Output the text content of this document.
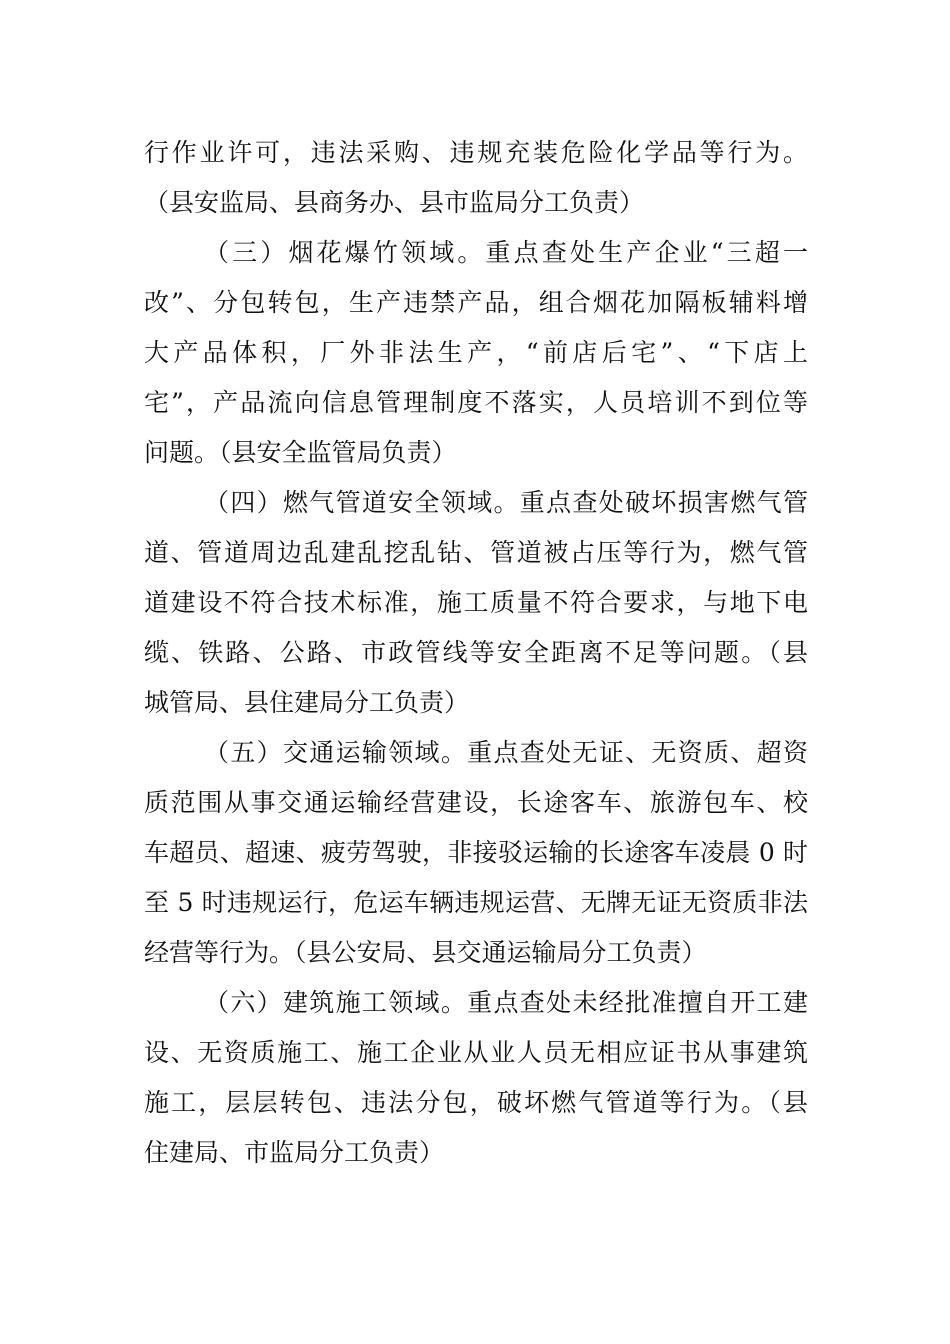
行作业许可，违法采购、违规充装危险化学品等行为。
（县安监局、县商务办、县市监局分工负责）
（三）烟花爆竹领域。重点查处生产企业“三超一
改”、分包转包，生产违禁产品，组合烟花加隔板辅料增
大产品体积，厂外非法生产，“前店后宅”、“下店上
宅”，产品流向信息管理制度不落实，人员培训不到位等
问题。（县安全监管局负责）
（四）燃气管道安全领域。重点查处破坏损害燃气管
道、管道周边乱建乱挖乱钻、管道被占压等行为，燃气管
道建设不符合技术标准，施工质量不符合要求，与地下电
缆、铁路、公路、市政管线等安全距离不足等问题。（县
城管局、县住建局分工负责）
（五）交通运输领域。重点查处无证、无资质、超资
质范围从事交通运输经营建设，长途客车、旅游包车、校
车超员、超速、疲劳驾驶，非接驳运输的长途客车凌晨 0 时
至 5 时违规运行，危运车辆违规运营、无牌无证无资质非法
经营等行为。（县公安局、县交通运输局分工负责）
（六）建筑施工领域。重点查处未经批准擅自开工建
设、无资质施工、施工企业从业人员无相应证书从事建筑
施工，层层转包、违法分包，破坏燃气管道等行为。（县
住建局、市监局分工负责）
